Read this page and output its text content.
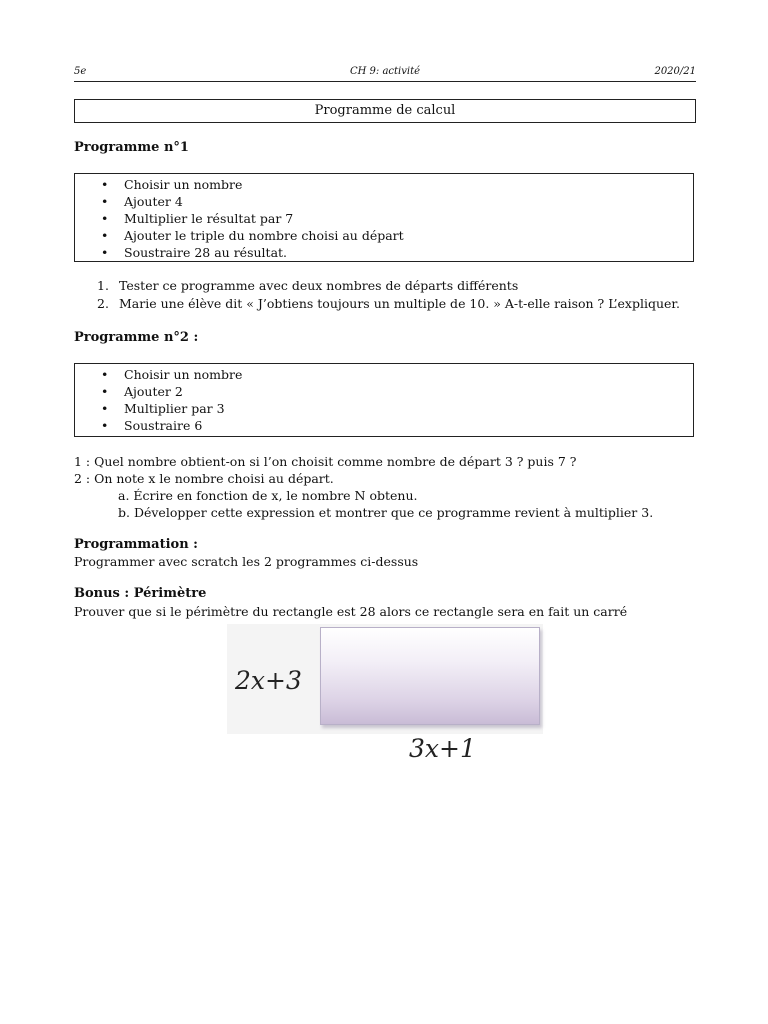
5e	CH 9: activité	2020/21
Programme de calcul
Programme n°1
• Choisir un nombre
• Ajouter 4
• Multiplier le résultat par 7
• Ajouter le triple du nombre choisi au départ
• Soustraire 28 au résultat.
1. Tester ce programme avec deux nombres de départs différents
2. Marie une élève dit « J’obtiens toujours un multiple de 10. » A-t-elle raison ? L’expliquer.
Programme n°2 :
• Choisir un nombre
• Ajouter 2
• Multiplier par 3
• Soustraire 6
1 : Quel nombre obtient-on si l’on choisit comme nombre de départ 3 ? puis 7 ?
2 : On note x le nombre choisi au départ.
a. Écrire en fonction de x, le nombre N obtenu.
b. Développer cette expression et montrer que ce programme revient à multiplier 3.
Programmation :
Programmer avec scratch les 2 programmes ci-dessus
Bonus : Périmètre
Prouver que si le périmètre du rectangle est 28 alors ce rectangle sera en fait un carré
2x+3
3x+1
